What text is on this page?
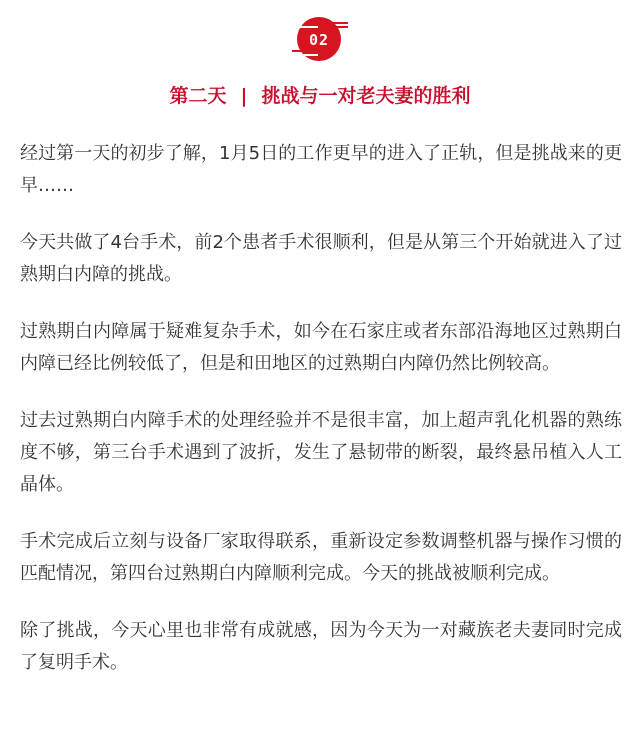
02
第二天 | 挑战与一对老夫妻的胜利

经过第一天的初步了解，1月5日的工作更早的进入了正轨，但是挑战来的更早……

今天共做了4台手术，前2个患者手术很顺利，但是从第三个开始就进入了过熟期白内障的挑战。

过熟期白内障属于疑难复杂手术，如今在石家庄或者东部沿海地区过熟期白内障已经比例较低了，但是和田地区的过熟期白内障仍然比例较高。

过去过熟期白内障手术的处理经验并不是很丰富，加上超声乳化机器的熟练度不够，第三台手术遇到了波折，发生了悬韧带的断裂，最终悬吊植入人工晶体。

手术完成后立刻与设备厂家取得联系，重新设定参数调整机器与操作习惯的匹配情况，第四台过熟期白内障顺利完成。今天的挑战被顺利完成。

除了挑战，今天心里也非常有成就感，因为今天为一对藏族老夫妻同时完成了复明手术。
